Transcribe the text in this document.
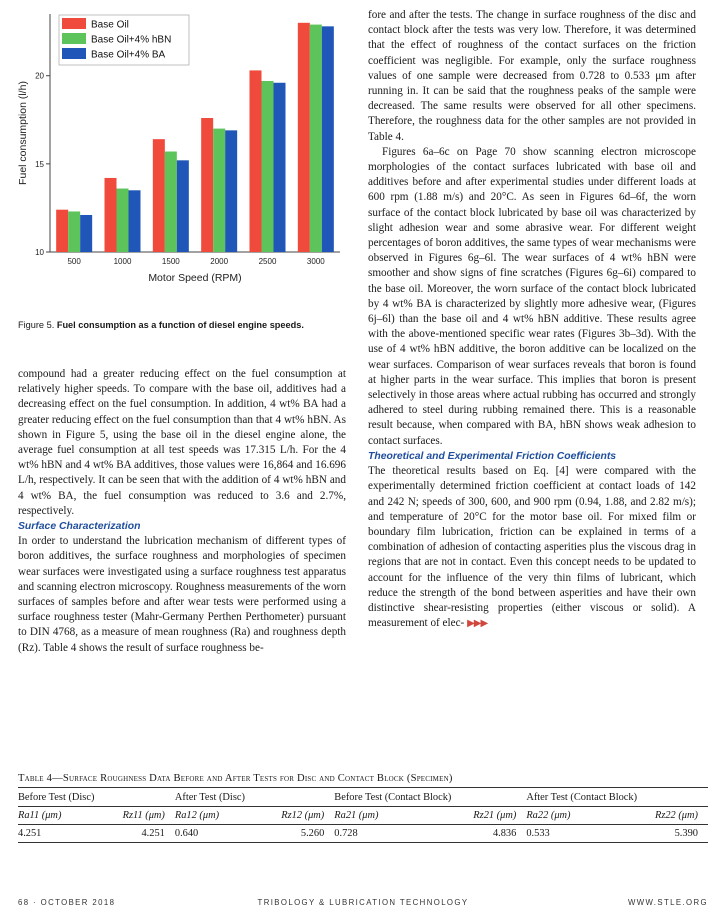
10
15
20
500	1000	1500	2000	2500	3000
Motor Speed (RPM)
Fuel consumption (l/h)
Base Oil
Base Oil+4% hBN
Base Oil+4% BA
Figure 5. Fuel consumption as a function of diesel engine speeds.

compound had a greater reducing effect on the fuel consumption at relatively higher speeds. To compare with the base oil, additives had a decreasing effect on the fuel consumption. In addition, 4 wt% BA had a greater reducing effect on the fuel consumption than that 4 wt% hBN. As shown in Figure 5, using the base oil in the diesel engine alone, the average fuel consumption at all test speeds was 17.315 L/h. For the 4 wt% hBN and 4 wt% BA additives, those values were 16,864 and 16.696 L/h, respectively. It can be seen that with the addition of 4 wt% hBN and 4 wt% BA, the fuel consumption was reduced to 3.6 and 2.7%, respectively.

Surface Characterization

In order to understand the lubrication mechanism of different types of boron additives, the surface roughness and morphologies of specimen wear surfaces were investigated using a surface roughness test apparatus and scanning electron microscopy. Roughness measurements of the worn surfaces of samples before and after wear tests were performed using a surface roughness tester (Mahr-Germany Perthen Perthometer) pursuant to DIN 4768, as a measure of mean roughness (Ra) and roughness depth (Rz). Table 4 shows the result of surface roughness be-

fore and after the tests. The change in surface roughness of the disc and contact block after the tests was very low. Therefore, it was determined that the effect of roughness of the contact surfaces on the friction coefficient was negligible. For example, only the surface roughness values of one sample were decreased from 0.728 to 0.533 μm after running in. It can be said that the roughness peaks of the sample were decreased. The same results were observed for all other specimens. Therefore, the roughness data for the other samples are not provided in Table 4.

Figures 6a–6c on Page 70 show scanning electron microscope morphologies of the contact surfaces lubricated with base oil and additives before and after experimental studies under different loads at 600 rpm (1.88 m/s) and 20°C. As seen in Figures 6d–6f, the worn surface of the contact block lubricated by base oil was characterized by slight adhesion wear and some abrasive wear. For different weight percentages of boron additives, the same types of wear mechanisms were observed in Figures 6g–6l. The wear surfaces of 4 wt% hBN were smoother and show signs of fine scratches (Figures 6g–6i) compared to the base oil. Moreover, the worn surface of the contact block lubricated by 4 wt% BA is characterized by slightly more adhesive wear, (Figures 6j–6l) than the base oil and 4 wt% hBN additive. These results agree with the above-mentioned specific wear rates (Figures 3b–3d). With the use of 4 wt% hBN additive, the boron additive can be localized on the wear surfaces. Comparison of wear surfaces reveals that boron is found at higher parts in the wear surface. This implies that boron is present selectively in those areas where actual rubbing has occurred and strongly adhered to steel during rubbing remained there. This is a reasonable result because, when compared with BA, hBN shows weak adhesion to contact surfaces.

Theoretical and Experimental Friction Coefficients

The theoretical results based on Eq. [4] were compared with the experimentally determined friction coefficient at contact loads of 142 and 242 N; speeds of 300, 600, and 900 rpm (0.94, 1.88, and 2.82 m/s); and temperature of 20°C for the motor base oil. For mixed film or boundary film lubrication, friction can be explained in terms of a combination of adhesion of contacting asperities plus the viscous drag in regions that are not in contact. Even this concept needs to be updated to account for the influence of the very thin films of lubricant, which reduce the strength of the bond between asperities and have their own distinctive shear-resisting properties (either viscous or solid). A measurement of elec- ▶▶▶

Table 4—Surface Roughness Data Before and After Tests for Disc and Contact Block (Specimen)
Before Test (Disc)		After Test (Disc)		Before Test (Contact Block)		After Test (Contact Block)	
Ra11 (μm)	Rz11 (μm)	Ra12 (μm)	Rz12 (μm)	Ra21 (μm)	Rz21 (μm)	Ra22 (μm)	Rz22 (μm)
4.251	4.251	0.640	5.260	0.728	4.836	0.533	5.390
68 · OCTOBER 2018	TRIBOLOGY & LUBRICATION TECHNOLOGY	WWW.STLE.ORG
